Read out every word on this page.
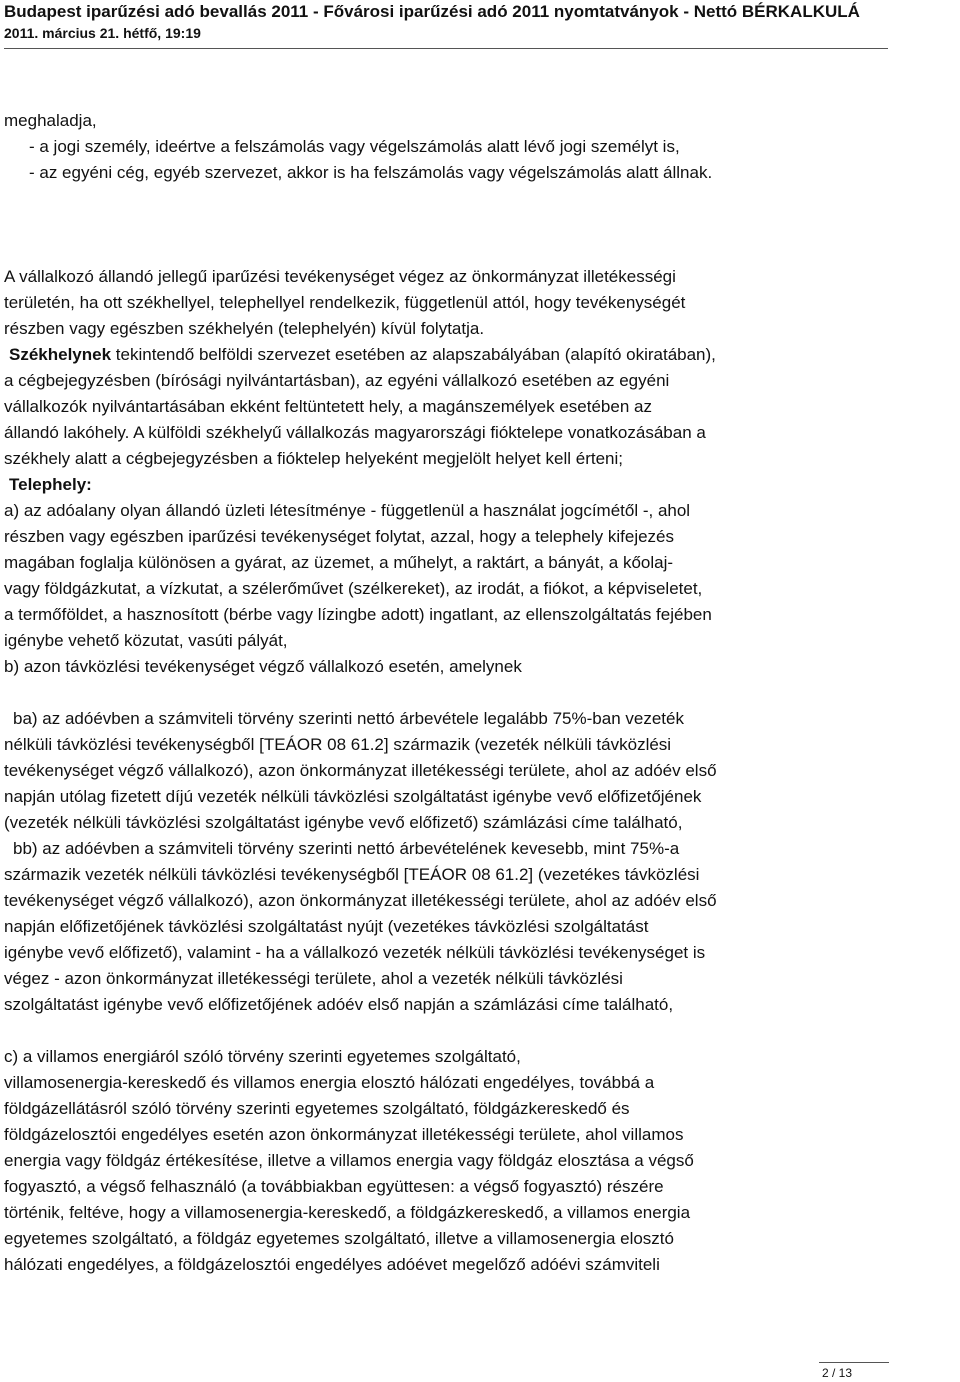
Budapest iparűzési adó bevallás 2011 - Fővárosi iparűzési adó 2011 nyomtatványok - Nettó BÉRKALKULÁ
2011. március 21. hétfő, 19:19
meghaladja,
- a jogi személy, ideértve a felszámolás vagy végelszámolás alatt lévő jogi személyt is,
- az egyéni cég, egyéb szervezet, akkor is ha felszámolás vagy végelszámolás alatt állnak.
A vállalkozó állandó jellegű iparűzési tevékenységet végez az önkormányzat illetékességi
területén, ha ott székhellyel, telephellyel rendelkezik, függetlenül attól, hogy tevékenységét
részben vagy egészben székhelyén (telephelyén) kívül folytatja.
Székhelynek tekintendő belföldi szervezet esetében az alapszabályában (alapító okiratában),
a cégbejegyzésben (bírósági nyilvántartásban), az egyéni vállalkozó esetében az egyéni
vállalkozók nyilvántartásában ekként feltüntetett hely, a magánszemélyek esetében az
állandó lakóhely. A külföldi székhelyű vállalkozás magyarországi fióktelepe vonatkozásában a
székhely alatt a cégbejegyzésben a fióktelep helyeként megjelölt helyet kell érteni;
Telephely:
a) az adóalany olyan állandó üzleti létesítménye - függetlenül a használat jogcímétől -, ahol
részben vagy egészben iparűzési tevékenységet folytat, azzal, hogy a telephely kifejezés
magában foglalja különösen a gyárat, az üzemet, a műhelyt, a raktárt, a bányát, a kőolaj-
vagy földgázkutat, a vízkutat, a szélerőművet (szélkereket), az irodát, a fiókot, a képviseletet,
a termőföldet, a hasznosított (bérbe vagy lízingbe adott) ingatlant, az ellenszolgáltatás fejében
igénybe vehető közutat, vasúti pályát,
b) azon távközlési tevékenységet végző vállalkozó esetén, amelynek
ba) az adóévben a számviteli törvény szerinti nettó árbevétele legalább 75%-ban vezeték
nélküli távközlési tevékenységből [TEÁOR 08 61.2] származik (vezeték nélküli távközlési
tevékenységet végző vállalkozó), azon önkormányzat illetékességi területe, ahol az adóév első
napján utólag fizetett díjú vezeték nélküli távközlési szolgáltatást igénybe vevő előfizetőjének
(vezeték nélküli távközlési szolgáltatást igénybe vevő előfizető) számlázási címe található,
bb) az adóévben a számviteli törvény szerinti nettó árbevételének kevesebb, mint 75%-a
származik vezeték nélküli távközlési tevékenységből [TEÁOR 08 61.2] (vezetékes távközlési
tevékenységet végző vállalkozó), azon önkormányzat illetékességi területe, ahol az adóév első
napján előfizetőjének távközlési szolgáltatást nyújt (vezetékes távközlési szolgáltatást
igénybe vevő előfizető), valamint - ha a vállalkozó vezeték nélküli távközlési tevékenységet is
végez - azon önkormányzat illetékességi területe, ahol a vezeték nélküli távközlési
szolgáltatást igénybe vevő előfizetőjének adóév első napján a számlázási címe található,
c) a villamos energiáról szóló törvény szerinti egyetemes szolgáltató,
villamosenergia-kereskedő és villamos energia elosztó hálózati engedélyes, továbbá a
földgázellátásról szóló törvény szerinti egyetemes szolgáltató, földgázkereskedő és
földgázelosztói engedélyes esetén azon önkormányzat illetékességi területe, ahol villamos
energia vagy földgáz értékesítése, illetve a villamos energia vagy földgáz elosztása a végső
fogyasztó, a végső felhasználó (a továbbiakban együttesen: a végső fogyasztó) részére
történik, feltéve, hogy a villamosenergia-kereskedő, a földgázkereskedő, a villamos energia
egyetemes szolgáltató, a földgáz egyetemes szolgáltató, illetve a villamosenergia elosztó
hálózati engedélyes, a földgázelosztói engedélyes adóévet megelőző adóévi számviteli
2 / 13
